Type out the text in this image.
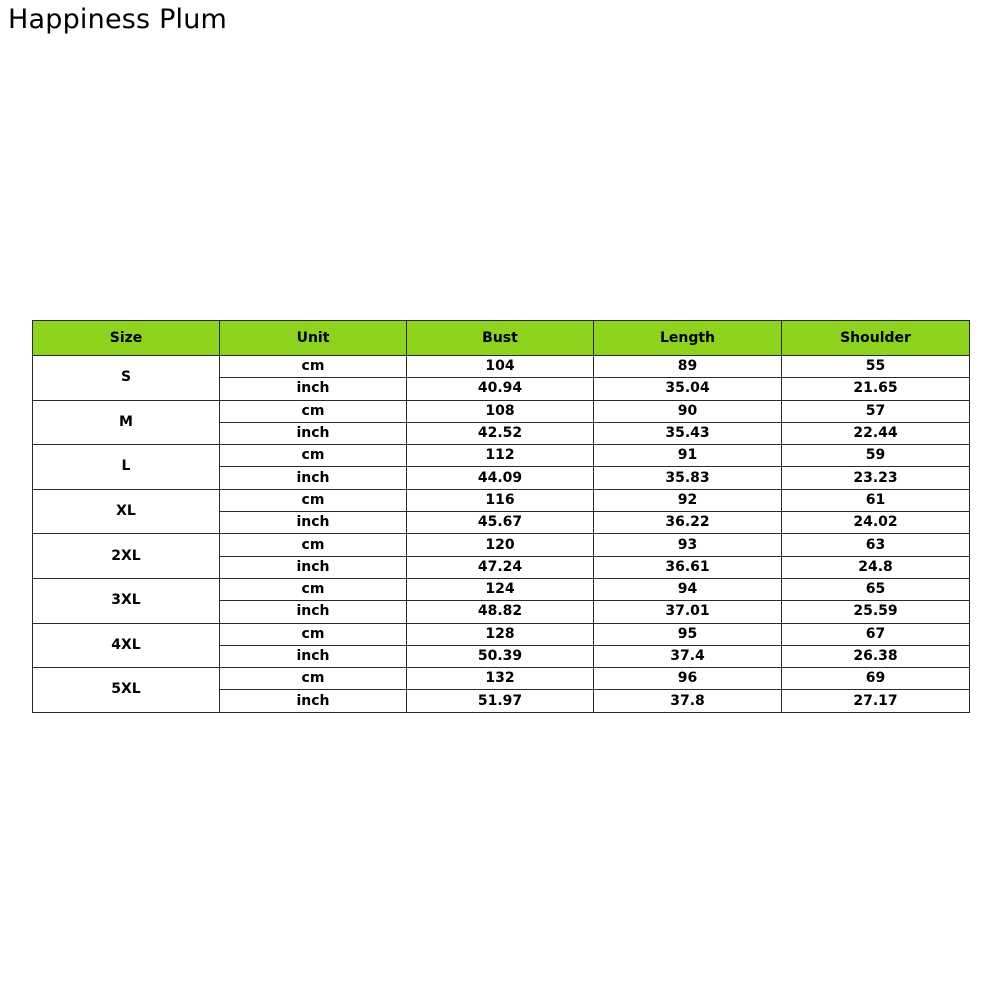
Happiness Plum
Size	Unit	Bust	Length	Shoulder
S	cm	104	89	55
	inch	40.94	35.04	21.65
M	cm	108	90	57
	inch	42.52	35.43	22.44
L	cm	112	91	59
	inch	44.09	35.83	23.23
XL	cm	116	92	61
	inch	45.67	36.22	24.02
2XL	cm	120	93	63
	inch	47.24	36.61	24.8
3XL	cm	124	94	65
	inch	48.82	37.01	25.59
4XL	cm	128	95	67
	inch	50.39	37.4	26.38
5XL	cm	132	96	69
	inch	51.97	37.8	27.17
